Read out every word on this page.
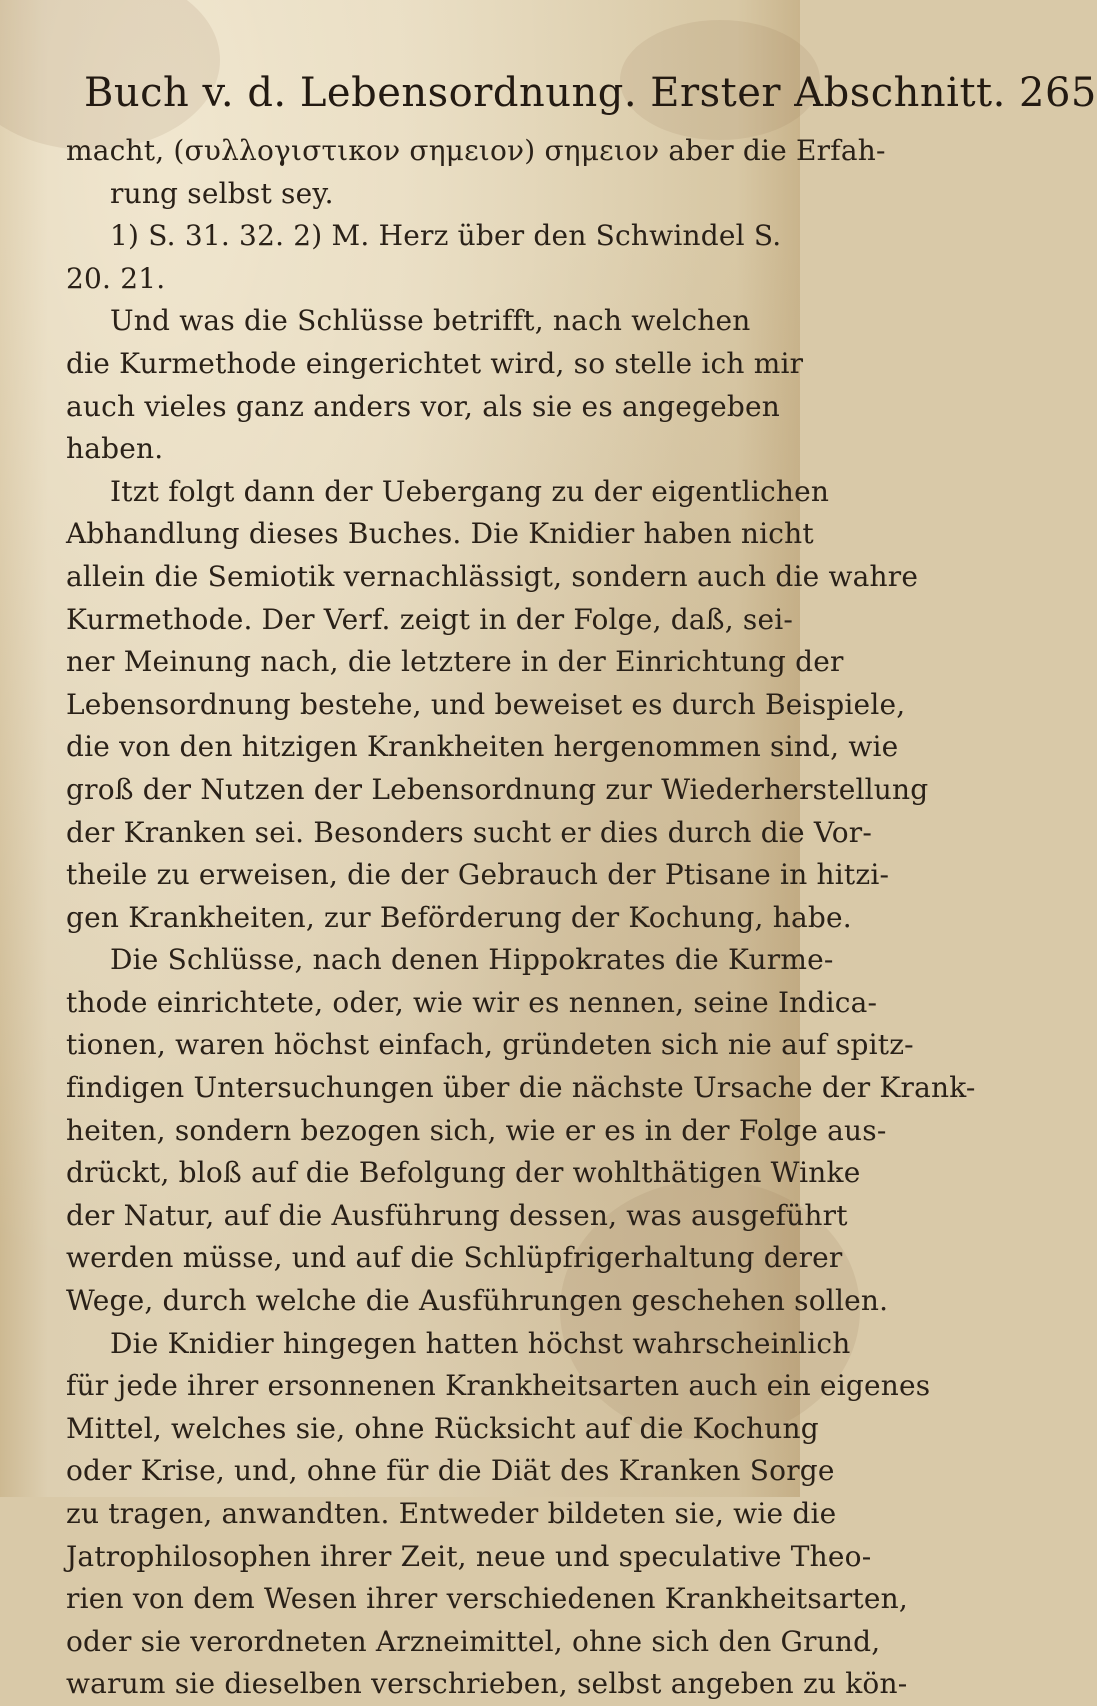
Buch v. d. Lebensordnung. Erster Abschnitt. 265
macht, (συλλογιστικον σημειον) σημειον aber die Erfah-
rung selbst sey.
1) S. 31. 32. 2) M. Herz über den Schwindel S.
20. 21.
Und was die Schlüsse betrifft, nach welchen
die Kurmethode eingerichtet wird, so stelle ich mir
auch vieles ganz anders vor, als sie es angegeben
haben.
Itzt folgt dann der Uebergang zu der eigentlichen
Abhandlung dieses Buches. Die Knidier haben nicht
allein die Semiotik vernachlässigt, sondern auch die wahre
Kurmethode. Der Verf. zeigt in der Folge, daß, sei-
ner Meinung nach, die letztere in der Einrichtung der
Lebensordnung bestehe, und beweiset es durch Beispiele,
die von den hitzigen Krankheiten hergenommen sind, wie
groß der Nutzen der Lebensordnung zur Wiederherstellung
der Kranken sei. Besonders sucht er dies durch die Vor-
theile zu erweisen, die der Gebrauch der Ptisane in hitzi-
gen Krankheiten, zur Beförderung der Kochung, habe.
Die Schlüsse, nach denen Hippokrates die Kurme-
thode einrichtete, oder, wie wir es nennen, seine Indica-
tionen, waren höchst einfach, gründeten sich nie auf spitz-
findigen Untersuchungen über die nächste Ursache der Krank-
heiten, sondern bezogen sich, wie er es in der Folge aus-
drückt, bloß auf die Befolgung der wohlthätigen Winke
der Natur, auf die Ausführung dessen, was ausgeführt
werden müsse, und auf die Schlüpfrigerhaltung derer
Wege, durch welche die Ausführungen geschehen sollen.
Die Knidier hingegen hatten höchst wahrscheinlich
für jede ihrer ersonnenen Krankheitsarten auch ein eigenes
Mittel, welches sie, ohne Rücksicht auf die Kochung
oder Krise, und, ohne für die Diät des Kranken Sorge
zu tragen, anwandten. Entweder bildeten sie, wie die
Jatrophilosophen ihrer Zeit, neue und speculative Theo-
rien von dem Wesen ihrer verschiedenen Krankheitsarten,
oder sie verordneten Arzneimittel, ohne sich den Grund,
warum sie dieselben verschrieben, selbst angeben zu kön-
